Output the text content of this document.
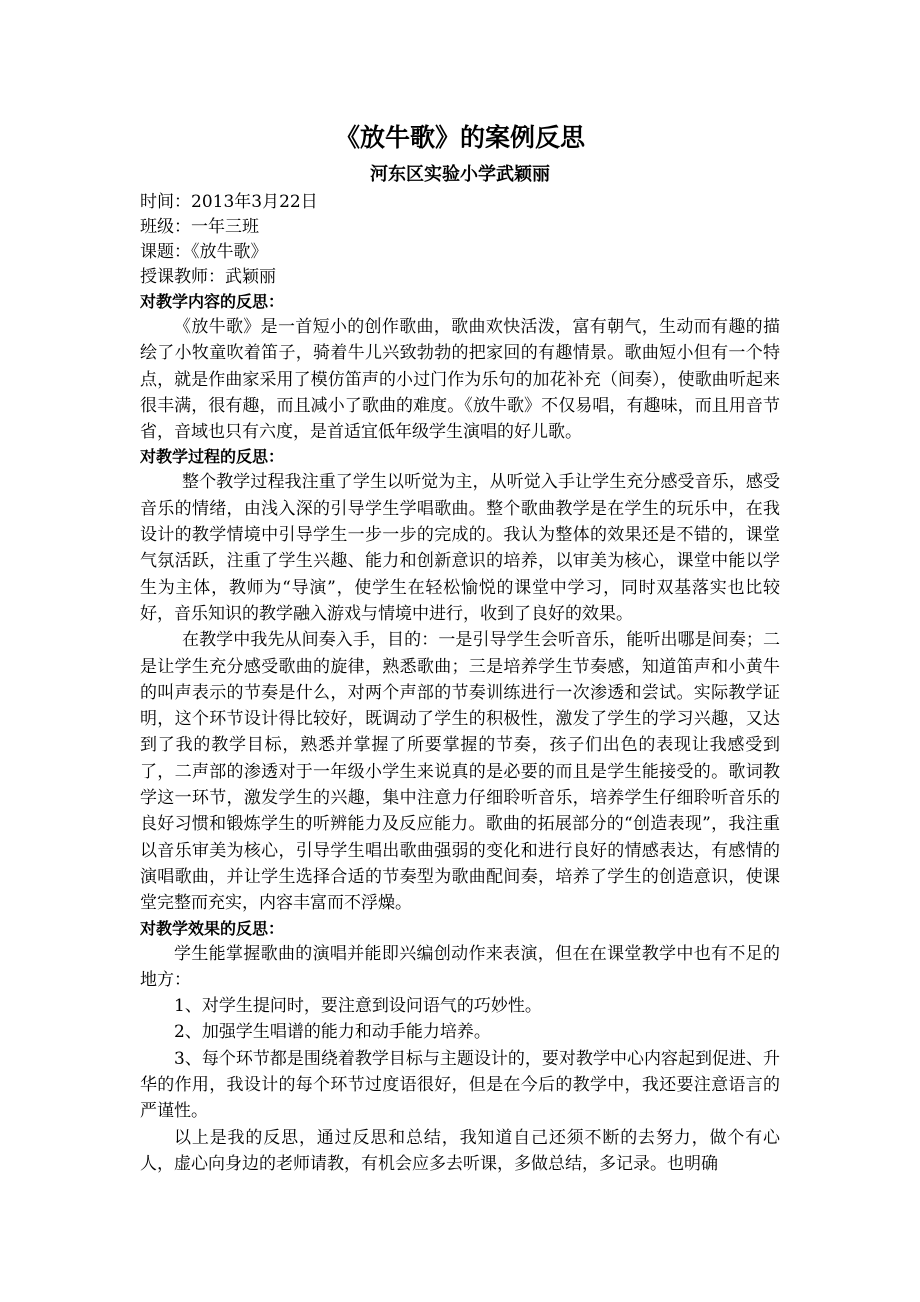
《放牛歌》的案例反思
河东区实验小学武颖丽

时间：2013年3月22日

班级：一年三班

课题：《放牛歌》

授课教师：武颖丽

对教学内容的反思：

《放牛歌》是一首短小的创作歌曲，歌曲欢快活泼，富有朝气，生动而有趣的描绘了小牧童吹着笛子，骑着牛儿兴致勃勃的把家回的有趣情景。歌曲短小但有一个特点，就是作曲家采用了模仿笛声的小过门作为乐句的加花补充（间奏），使歌曲听起来很丰满，很有趣，而且减小了歌曲的难度。《放牛歌》不仅易唱，有趣味，而且用音节省，音域也只有六度，是首适宜低年级学生演唱的好儿歌。

对教学过程的反思：

整个教学过程我注重了学生以听觉为主，从听觉入手让学生充分感受音乐，感受音乐的情绪，由浅入深的引导学生学唱歌曲。整个歌曲教学是在学生的玩乐中，在我设计的教学情境中引导学生一步一步的完成的。我认为整体的效果还是不错的，课堂气氛活跃，注重了学生兴趣、能力和创新意识的培养，以审美为核心，课堂中能以学生为主体，教师为“导演”，使学生在轻松愉悦的课堂中学习，同时双基落实也比较好，音乐知识的教学融入游戏与情境中进行，收到了良好的效果。

在教学中我先从间奏入手，目的：一是引导学生会听音乐，能听出哪是间奏；二是让学生充分感受歌曲的旋律，熟悉歌曲；三是培养学生节奏感，知道笛声和小黄牛的叫声表示的节奏是什么，对两个声部的节奏训练进行一次渗透和尝试。实际教学证明，这个环节设计得比较好，既调动了学生的积极性，激发了学生的学习兴趣，又达到了我的教学目标，熟悉并掌握了所要掌握的节奏，孩子们出色的表现让我感受到了，二声部的渗透对于一年级小学生来说真的是必要的而且是学生能接受的。歌词教学这一环节，激发学生的兴趣，集中注意力仔细聆听音乐，培养学生仔细聆听音乐的良好习惯和锻炼学生的听辨能力及反应能力。歌曲的拓展部分的“创造表现”，我注重以音乐审美为核心，引导学生唱出歌曲强弱的变化和进行良好的情感表达，有感情的演唱歌曲，并让学生选择合适的节奏型为歌曲配间奏，培养了学生的创造意识，使课堂完整而充实，内容丰富而不浮燥。

对教学效果的反思：

学生能掌握歌曲的演唱并能即兴编创动作来表演，但在在课堂教学中也有不足的地方：

1、对学生提问时，要注意到设问语气的巧妙性。

2、加强学生唱谱的能力和动手能力培养。

3、每个环节都是围绕着教学目标与主题设计的，要对教学中心内容起到促进、升华的作用，我设计的每个环节过度语很好，但是在今后的教学中，我还要注意语言的严谨性。

以上是我的反思，通过反思和总结，我知道自己还须不断的去努力，做个有心人，虚心向身边的老师请教，有机会应多去听课，多做总结，多记录。也明确
